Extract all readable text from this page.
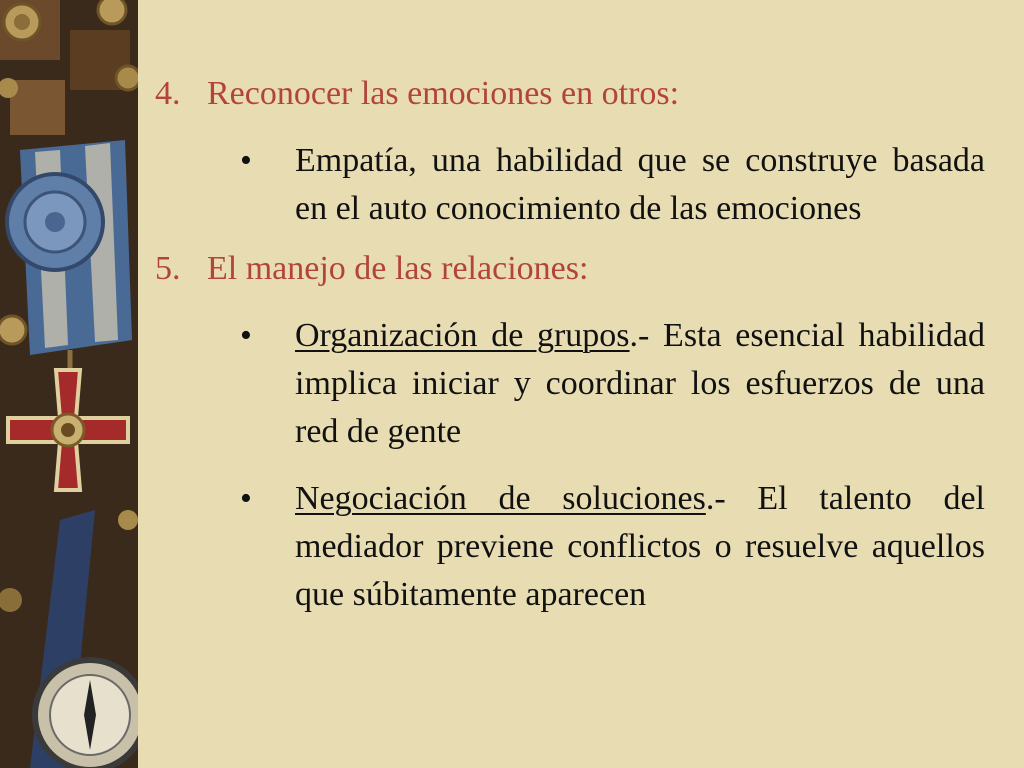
4. Reconocer las emociones en otros:
•	Empatía, una habilidad que se construye basada en el auto conocimiento de las emociones
5. El manejo de las relaciones:
•	Organización de grupos.- Esta esencial habilidad implica iniciar y coordinar los esfuerzos de una red de gente
•	Negociación de soluciones.- El talento del mediador previene conflictos o resuelve aquellos que súbitamente aparecen
